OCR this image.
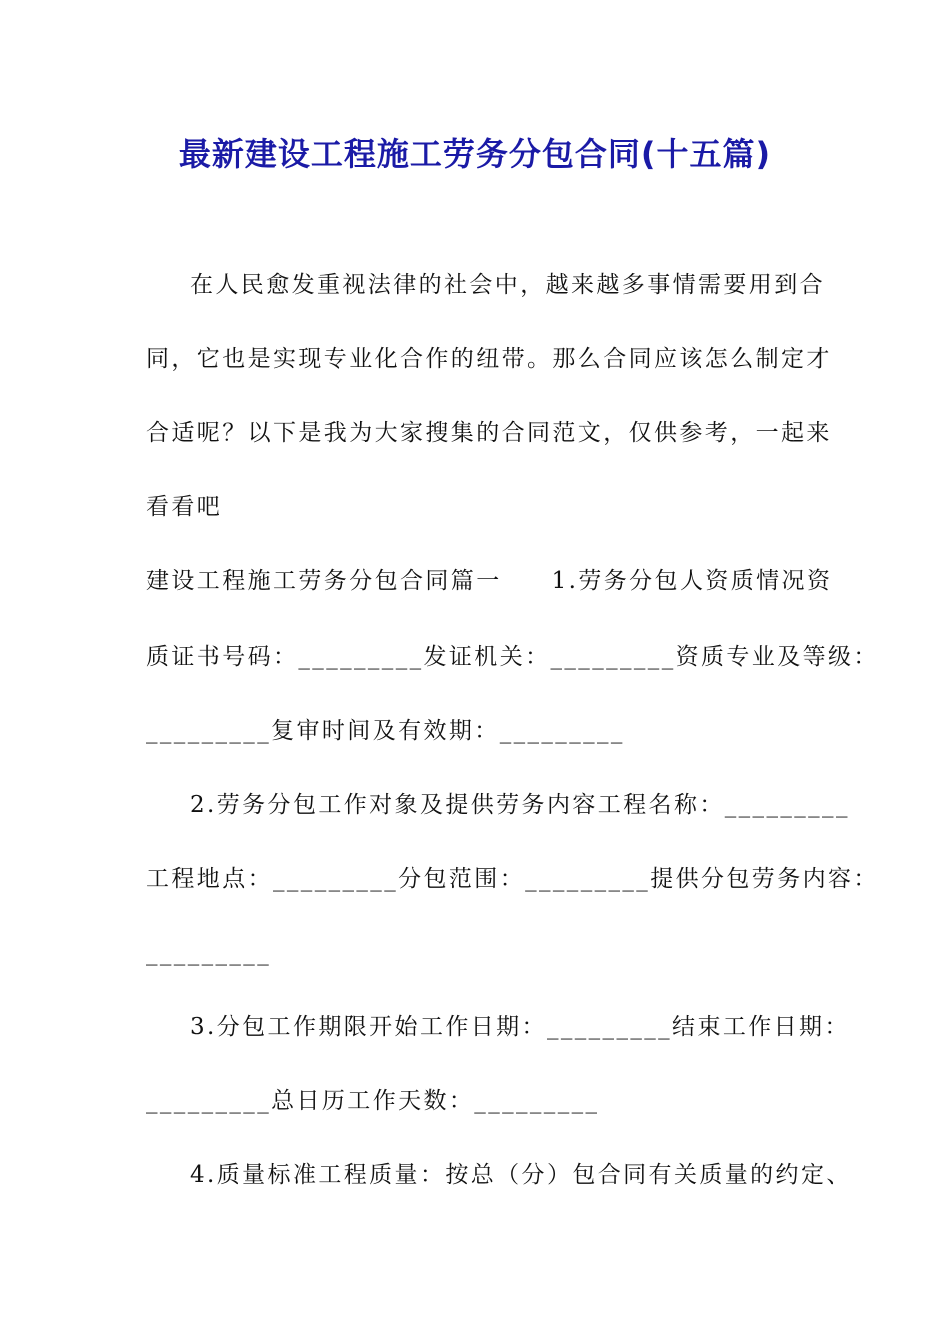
最新建设工程施工劳务分包合同(十五篇)
在人民愈发重视法律的社会中，越来越多事情需要用到合
同，它也是实现专业化合作的纽带。那么合同应该怎么制定才
合适呢？以下是我为大家搜集的合同范文，仅供参考，一起来
看看吧
建设工程施工劳务分包合同篇一 1.劳务分包人资质情况资
质证书号码：_________发证机关：_________资质专业及等级：
_________复审时间及有效期：_________
2.劳务分包工作对象及提供劳务内容工程名称：_________
工程地点：_________分包范围：_________提供分包劳务内容：
_________
3.分包工作期限开始工作日期：_________结束工作日期：
_________总日历工作天数：_________
4.质量标准工程质量：按总（分）包合同有关质量的约定、
